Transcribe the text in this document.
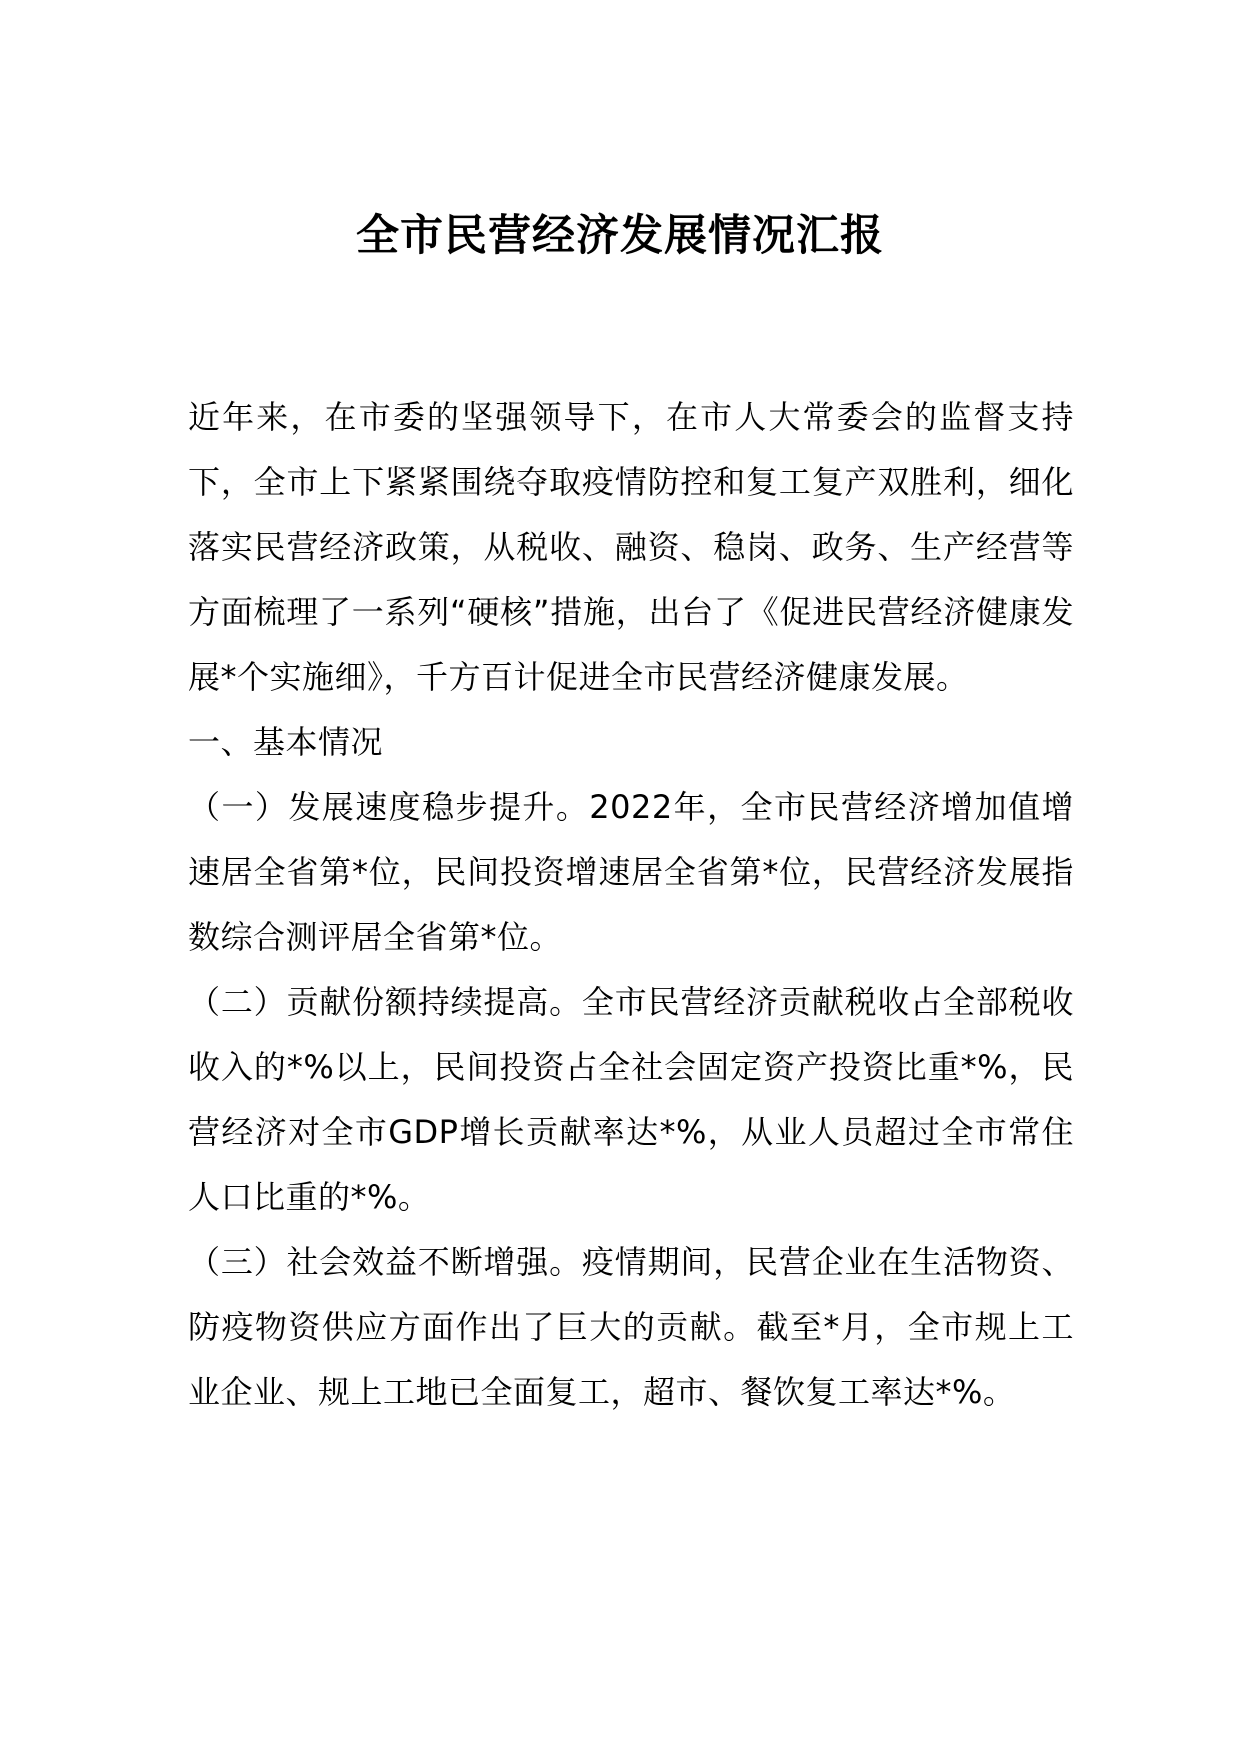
全市民营经济发展情况汇报

近年来，在市委的坚强领导下，在市人大常委会的监督支持下，全市上下紧紧围绕夺取疫情防控和复工复产双胜利，细化落实民营经济政策，从税收、融资、稳岗、政务、生产经营等方面梳理了一系列“硬核”措施，出台了《促进民营经济健康发展*个实施细》，千方百计促进全市民营经济健康发展。

一、基本情况

（一）发展速度稳步提升。2022年，全市民营经济增加值增速居全省第*位，民间投资增速居全省第*位，民营经济发展指数综合测评居全省第*位。

（二）贡献份额持续提高。全市民营经济贡献税收占全部税收收入的*%以上，民间投资占全社会固定资产投资比重*%，民营经济对全市GDP增长贡献率达*%，从业人员超过全市常住人口比重的*%。

（三）社会效益不断增强。疫情期间，民营企业在生活物资、防疫物资供应方面作出了巨大的贡献。截至*月，全市规上工业企业、规上工地已全面复工，超市、餐饮复工率达*%。
